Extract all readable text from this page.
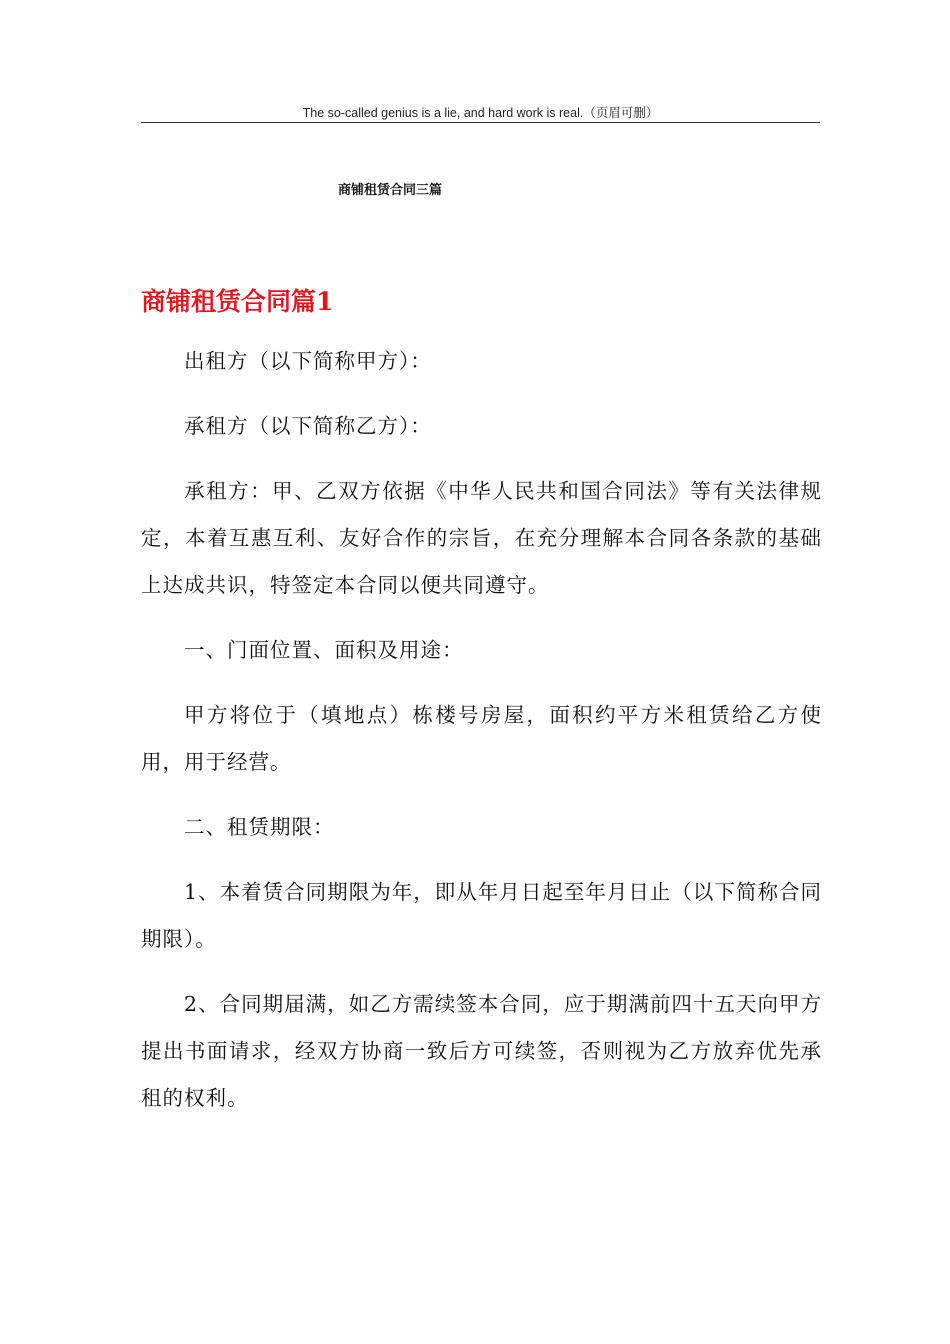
The so-called genius is a lie, and hard work is real.（页眉可删）
商铺租赁合同三篇
商铺租赁合同篇1

出租方（以下简称甲方）：

承租方（以下简称乙方）：

承租方：甲、乙双方依据《中华人民共和国合同法》等有关法律规定，本着互惠互利、友好合作的宗旨，在充分理解本合同各条款的基础上达成共识，特签定本合同以便共同遵守。

一、门面位置、面积及用途：

甲方将位于（填地点）栋楼号房屋，面积约平方米租赁给乙方使用，用于经营。

二、租赁期限：

1、本着赁合同期限为年，即从年月日起至年月日止（以下简称合同期限）。

2、合同期届满，如乙方需续签本合同，应于期满前四十五天向甲方提出书面请求，经双方协商一致后方可续签，否则视为乙方放弃优先承租的权利。
